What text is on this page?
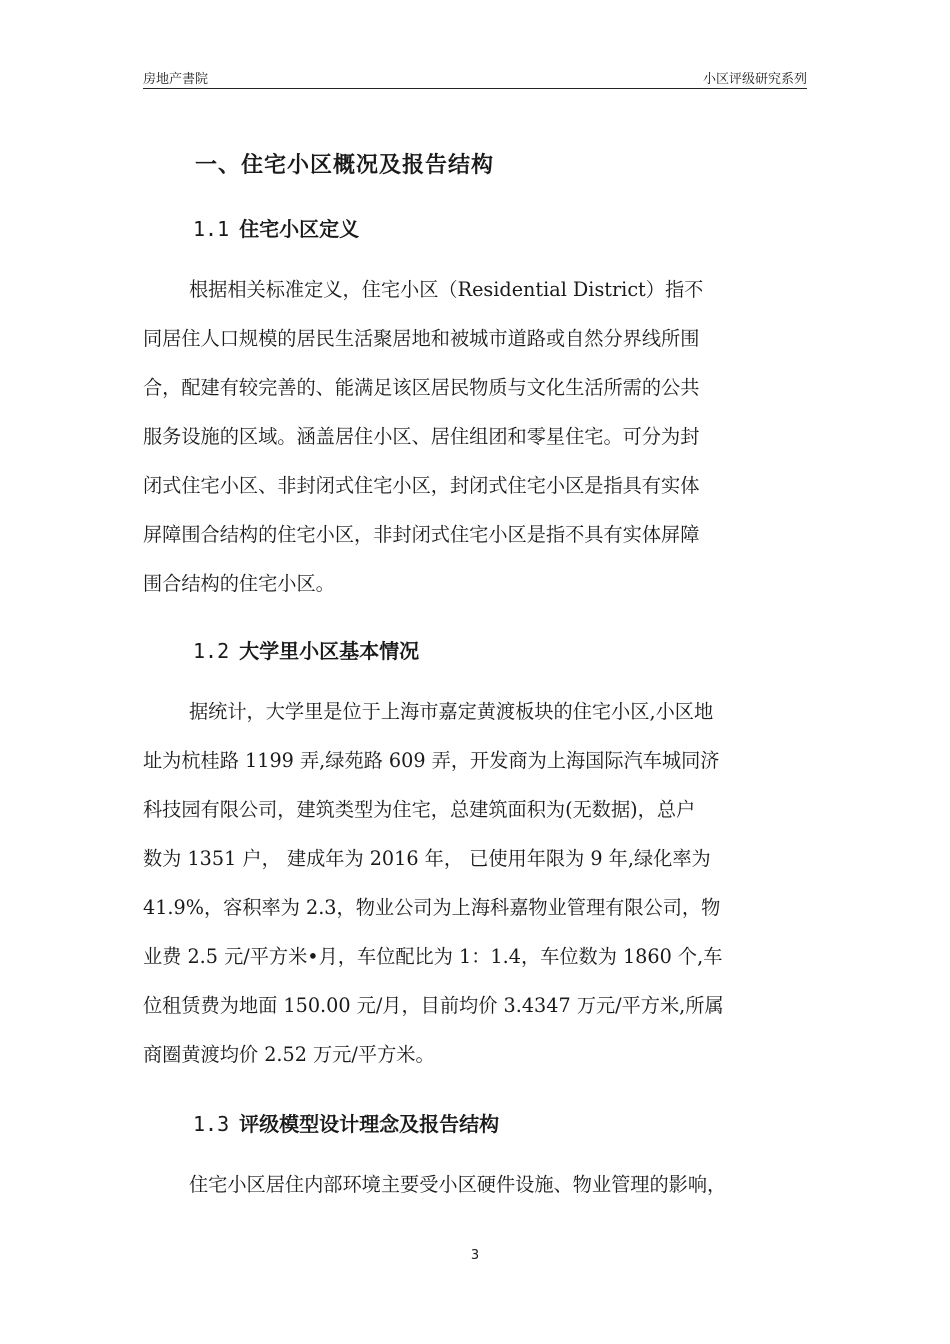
房地产書院	小区评级研究系列
一、住宅小区概况及报告结构
1.1 住宅小区定义
根据相关标准定义，住宅小区（Residential District）指不
同居住人口规模的居民生活聚居地和被城市道路或自然分界线所围
合，配建有较完善的、能满足该区居民物质与文化生活所需的公共
服务设施的区域。涵盖居住小区、居住组团和零星住宅。可分为封
闭式住宅小区、非封闭式住宅小区，封闭式住宅小区是指具有实体
屏障围合结构的住宅小区，非封闭式住宅小区是指不具有实体屏障
围合结构的住宅小区。
1.2 大学里小区基本情况
据统计，大学里是位于上海市嘉定黄渡板块的住宅小区,小区地
址为杭桂路 1199 弄,绿苑路 609 弄，开发商为上海国际汽车城同济
科技园有限公司，建筑类型为住宅，总建筑面积为(无数据)，总户
数为 1351 户， 建成年为 2016 年， 已使用年限为 9 年,绿化率为
41.9%，容积率为 2.3，物业公司为上海科嘉物业管理有限公司，物
业费 2.5 元/平方米•月，车位配比为 1：1.4，车位数为 1860 个,车
位租赁费为地面 150.00 元/月，目前均价 3.4347 万元/平方米,所属
商圈黄渡均价 2.52 万元/平方米。
1.3 评级模型设计理念及报告结构
住宅小区居住内部环境主要受小区硬件设施、物业管理的影响，
3
